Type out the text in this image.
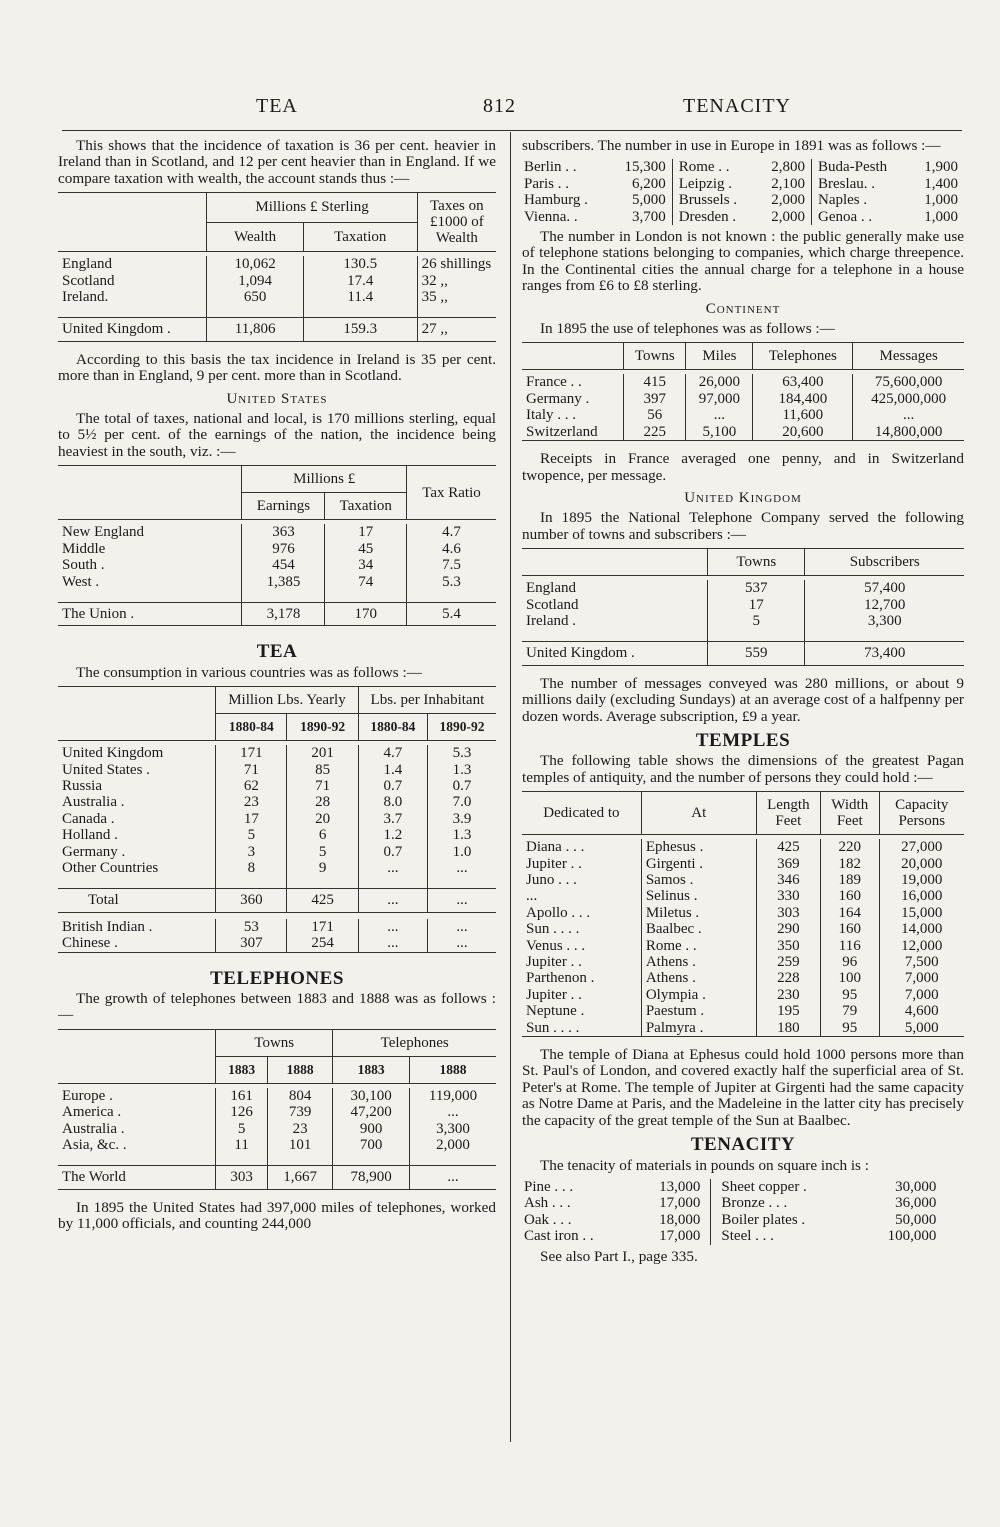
TEA	812	TENACITY

This shows that the incidence of taxation is 36 per cent. heavier in Ireland than in Scotland, and 12 per cent heavier than in England. If we compare taxation with wealth, the account stands thus :—

	Millions £ Sterling		Taxes on £1000 of Wealth
	Wealth	Taxation	

England	10,062	130.5	26 shillings
Scotland	1,094	17.4	32 ,,
Ireland.	650	11.4	35 ,,

United Kingdom .	11,806	159.3	27 ,,

According to this basis the tax incidence in Ireland is 35 per cent. more than in England, 9 per cent. more than in Scotland.

United States

The total of taxes, national and local, is 170 millions sterling, equal to 5½ per cent. of the earnings of the nation, the incidence being heaviest in the south, viz. :—

	Millions £		Tax Ratio
	Earnings	Taxation	

New England	363	17	4.7
Middle	976	45	4.6
South .	454	34	7.5
West .	1,385	74	5.3

The Union .	3,178	170	5.4
TEA

The consumption in various countries was as follows :—

	Million Lbs. Yearly		Lbs. per Inhabitant	
	1880-84	1890-92	1880-84	1890-92

United Kingdom	171	201	4.7	5.3
United States .	71	85	1.4	1.3
Russia	62	71	0.7	0.7
Australia .	23	28	8.0	7.0
Canada .	17	20	3.7	3.9
Holland .	5	6	1.2	1.3
Germany .	3	5	0.7	1.0
Other Countries	8	9	...	...

Total	360	425	...	...

British Indian .	53	171	...	...
Chinese .	307	254	...	...
TELEPHONES

The growth of telephones between 1883 and 1888 was as follows :—

	Towns		Telephones	
	1883	1888	1883	1888

Europe .	161	804	30,100	119,000
America .	126	739	47,200	...
Australia .	5	23	900	3,300
Asia, &c. .	11	101	700	2,000

The World	303	1,667	78,900	...

In 1895 the United States had 397,000 miles of telephones, worked by 11,000 officials, and counting 244,000

subscribers. The number in use in Europe in 1891 was as follows :—

Berlin . .	15,300	Rome . .	2,800	Buda-Pesth	1,900
Paris . .	6,200	Leipzig .	2,100	Breslau. .	1,400
Hamburg .	5,000	Brussels .	2,000	Naples .	1,000
Vienna. .	3,700	Dresden .	2,000	Genoa . .	1,000

The number in London is not known : the public generally make use of telephone stations belonging to companies, which charge threepence. In the Continental cities the annual charge for a telephone in a house ranges from £6 to £8 sterling.

Continent

In 1895 the use of telephones was as follows :—

	Towns	Miles	Telephones	Messages

France . .	415	26,000	63,400	75,600,000
Germany .	397	97,000	184,400	425,000,000
Italy . . .	56	...	11,600	...
Switzerland	225	5,100	20,600	14,800,000

Receipts in France averaged one penny, and in Switzerland twopence, per message.

United Kingdom

In 1895 the National Telephone Company served the following number of towns and subscribers :—

	Towns	Subscribers

England	537	57,400
Scotland	17	12,700
Ireland .	5	3,300

United Kingdom .	559	73,400

The number of messages conveyed was 280 millions, or about 9 millions daily (excluding Sundays) at an average cost of a halfpenny per dozen words. Average subscription, £9 a year.

TEMPLES

The following table shows the dimensions of the greatest Pagan temples of antiquity, and the number of persons they could hold :—

Dedicated to	At	Length Feet	Width Feet	Capacity Persons

Diana . . .	Ephesus .	425	220	27,000
Jupiter . .	Girgenti .	369	182	20,000
Juno . . .	Samos .	346	189	19,000
...	Selinus .	330	160	16,000
Apollo . . .	Miletus .	303	164	15,000
Sun . . . .	Baalbec .	290	160	14,000
Venus . . .	Rome . .	350	116	12,000
Jupiter . .	Athens .	259	96	7,500
Parthenon .	Athens .	228	100	7,000
Jupiter . .	Olympia .	230	95	7,000
Neptune .	Paestum .	195	79	4,600
Sun . . . .	Palmyra .	180	95	5,000

The temple of Diana at Ephesus could hold 1000 persons more than St. Paul's of London, and covered exactly half the superficial area of St. Peter's at Rome. The temple of Jupiter at Girgenti had the same capacity as Notre Dame at Paris, and the Madeleine in the latter city has precisely the capacity of the great temple of the Sun at Baalbec.

TENACITY

The tenacity of materials in pounds on square inch is :

Pine . . .	13,000	Sheet copper .	30,000
Ash . . .	17,000	Bronze . . .	36,000
Oak . . .	18,000	Boiler plates .	50,000
Cast iron . .	17,000	Steel . . .	100,000

See also Part I., page 335.
